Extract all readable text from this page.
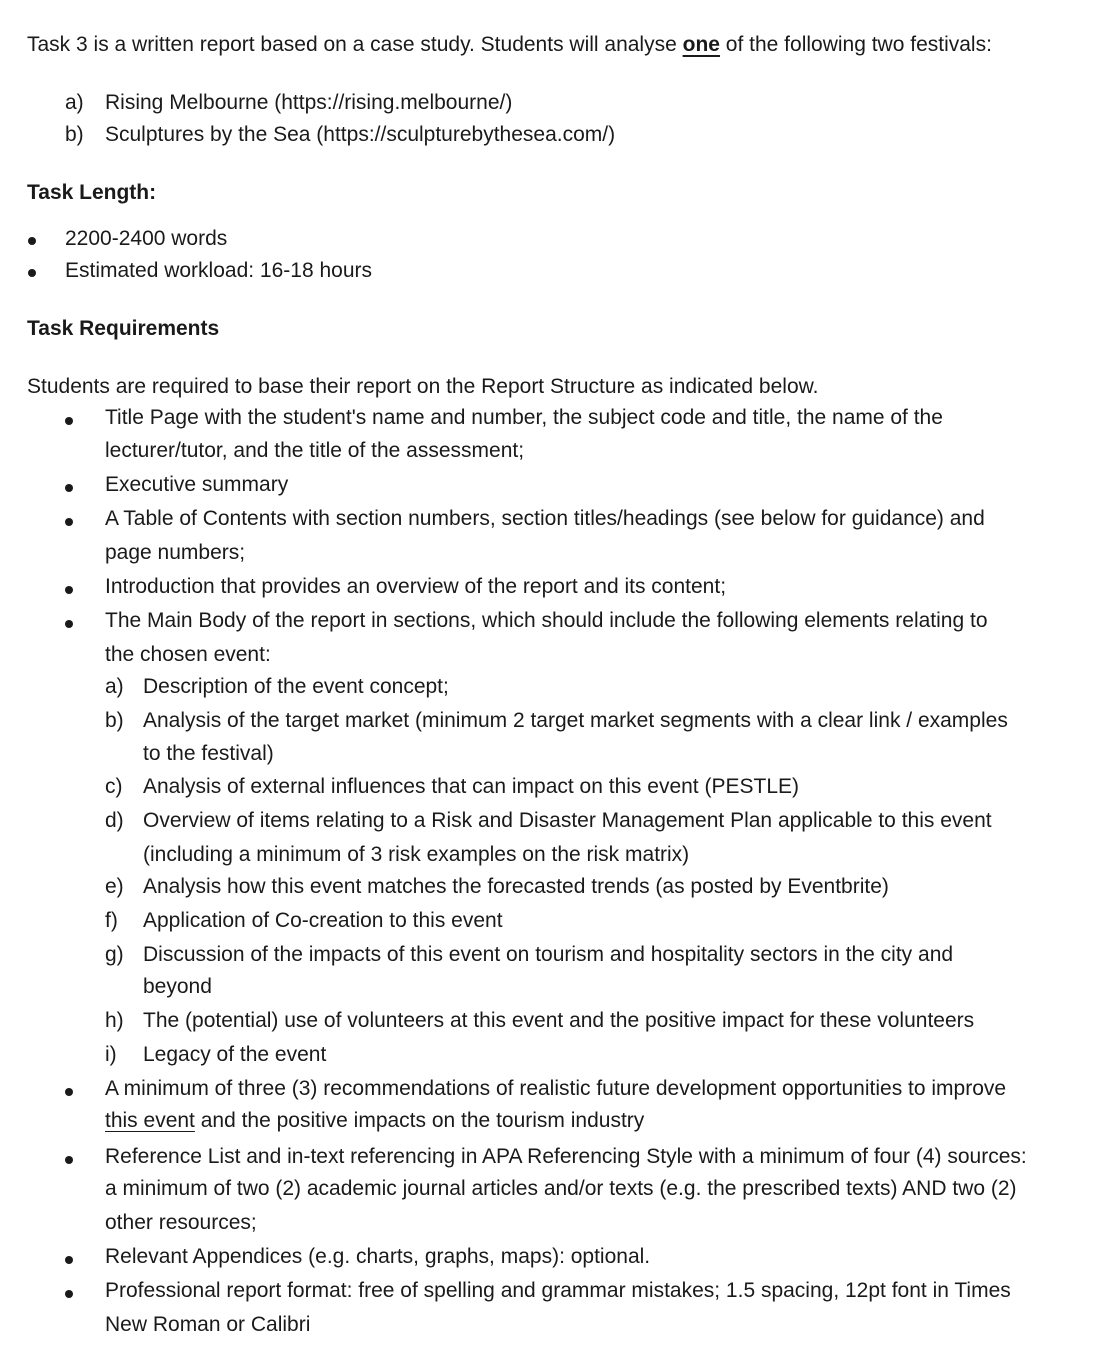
Task 3 is a written report based on a case study. Students will analyse one of the following two festivals:
a) Rising Melbourne (https://rising.melbourne/)
b) Sculptures by the Sea (https://sculpturebythesea.com/)
Task Length:
2200-2400 words
Estimated workload: 16-18 hours
Task Requirements
Students are required to base their report on the Report Structure as indicated below.
Title Page with the student's name and number, the subject code and title, the name of the
lecturer/tutor, and the title of the assessment;
Executive summary
A Table of Contents with section numbers, section titles/headings (see below for guidance) and
page numbers;
Introduction that provides an overview of the report and its content;
The Main Body of the report in sections, which should include the following elements relating to
the chosen event:
a) Description of the event concept;
b) Analysis of the target market (minimum 2 target market segments with a clear link / examples
to the festival)
c) Analysis of external influences that can impact on this event (PESTLE)
d) Overview of items relating to a Risk and Disaster Management Plan applicable to this event
(including a minimum of 3 risk examples on the risk matrix)
e) Analysis how this event matches the forecasted trends (as posted by Eventbrite)
f) Application of Co-creation to this event
g) Discussion of the impacts of this event on tourism and hospitality sectors in the city and
beyond
h) The (potential) use of volunteers at this event and the positive impact for these volunteers
i) Legacy of the event
A minimum of three (3) recommendations of realistic future development opportunities to improve
this event and the positive impacts on the tourism industry
Reference List and in-text referencing in APA Referencing Style with a minimum of four (4) sources:
a minimum of two (2) academic journal articles and/or texts (e.g. the prescribed texts) AND two (2)
other resources;
Relevant Appendices (e.g. charts, graphs, maps): optional.
Professional report format: free of spelling and grammar mistakes; 1.5 spacing, 12pt font in Times
New Roman or Calibri
